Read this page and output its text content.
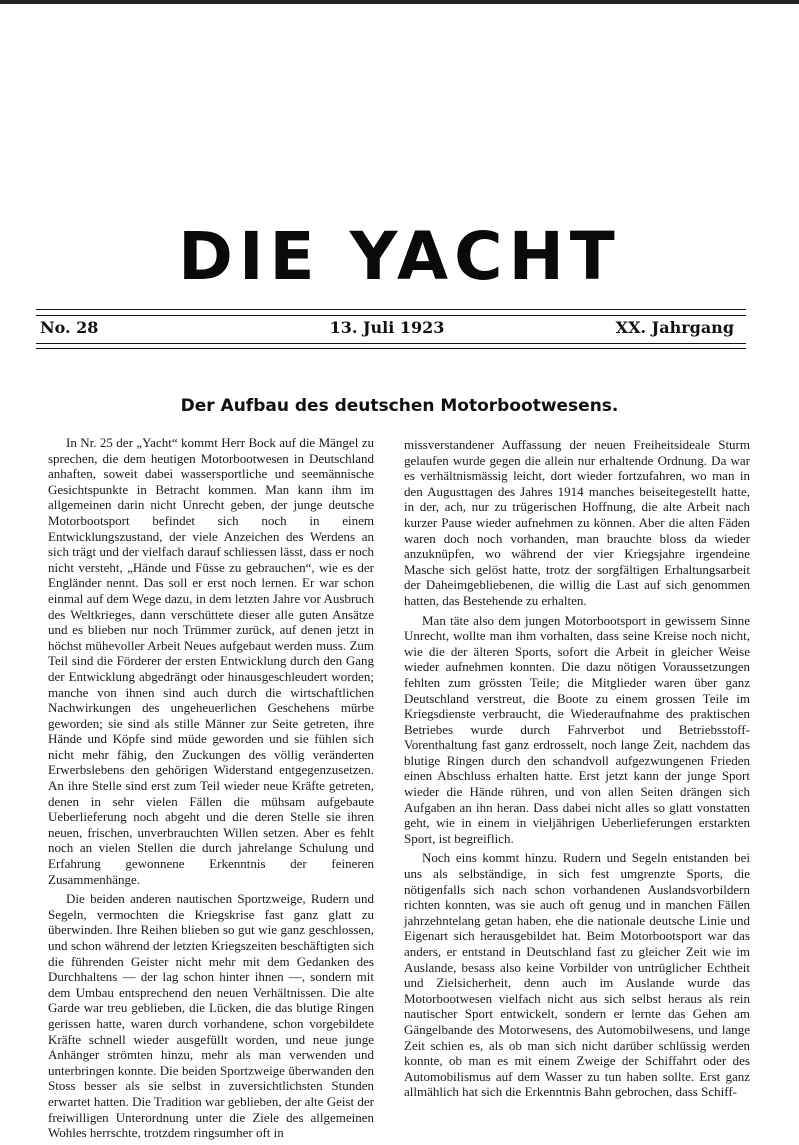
DIE YACHT
No. 28	13. Juli 1923	XX. Jahrgang
Der Aufbau des deutschen Motorbootwesens.

In Nr. 25 der „Yacht“ kommt Herr Bock auf die Mängel zu sprechen, die dem heutigen Motorbootwesen in Deutschland anhaften, soweit dabei wassersportliche und seemännische Gesichtspunkte in Betracht kommen. Man kann ihm im allgemeinen darin nicht Unrecht geben, der junge deutsche Motorbootsport befindet sich noch in einem Entwicklungszustand, der viele Anzeichen des Werdens an sich trägt und der vielfach darauf schliessen lässt, dass er noch nicht versteht, „Hände und Füsse zu gebrauchen“, wie es der Engländer nennt. Das soll er erst noch lernen. Er war schon einmal auf dem Wege dazu, in dem letzten Jahre vor Ausbruch des Weltkrieges, dann verschüttete dieser alle guten Ansätze und es blieben nur noch Trümmer zurück, auf denen jetzt in höchst mühevoller Arbeit Neues aufgebaut werden muss. Zum Teil sind die Förderer der ersten Entwicklung durch den Gang der Entwicklung abgedrängt oder hinausgeschleudert worden; manche von ihnen sind auch durch die wirtschaftlichen Nachwirkungen des ungeheuerlichen Geschehens mürbe geworden; sie sind als stille Männer zur Seite getreten, ihre Hände und Köpfe sind müde geworden und sie fühlen sich nicht mehr fähig, den Zuckungen des völlig veränderten Erwerbslebens den gehörigen Widerstand entgegenzusetzen. An ihre Stelle sind erst zum Teil wieder neue Kräfte getreten, denen in sehr vielen Fällen die mühsam aufgebaute Ueberlieferung noch abgeht und die deren Stelle sie ihren neuen, frischen, unverbrauchten Willen setzen. Aber es fehlt noch an vielen Stellen die durch jahrelange Schulung und Erfahrung gewonnene Erkenntnis der feineren Zusammenhänge.

Die beiden anderen nautischen Sportzweige, Rudern und Segeln, vermochten die Kriegskrise fast ganz glatt zu überwinden. Ihre Reihen blieben so gut wie ganz geschlossen, und schon während der letzten Kriegszeiten beschäftigten sich die führenden Geister nicht mehr mit dem Gedanken des Durchhaltens — der lag schon hinter ihnen —, sondern mit dem Umbau entsprechend den neuen Verhältnissen. Die alte Garde war treu geblieben, die Lücken, die das blutige Ringen gerissen hatte, waren durch vorhandene, schon vorgebildete Kräfte schnell wieder ausgefüllt worden, und neue junge Anhänger strömten hinzu, mehr als man verwenden und unterbringen konnte. Die beiden Sportzweige überwanden den Stoss besser als sie selbst in zuversichtlichsten Stunden erwartet hatten. Die Tradition war geblieben, der alte Geist der freiwilligen Unterordnung unter die Ziele des allgemeinen Wohles herrschte, trotzdem ringsumher oft in

missverstandener Auffassung der neuen Freiheitsideale Sturm gelaufen wurde gegen die allein nur erhaltende Ordnung. Da war es verhältnismässig leicht, dort wieder fortzufahren, wo man in den Augusttagen des Jahres 1914 manches beiseitegestellt hatte, in der, ach, nur zu trügerischen Hoffnung, die alte Arbeit nach kurzer Pause wieder aufnehmen zu können. Aber die alten Fäden waren doch noch vorhanden, man brauchte bloss da wieder anzuknüpfen, wo während der vier Kriegsjahre irgendeine Masche sich gelöst hatte, trotz der sorgfältigen Erhaltungsarbeit der Daheimgebliebenen, die willig die Last auf sich genommen hatten, das Bestehende zu erhalten.

Man täte also dem jungen Motorbootsport in gewissem Sinne Unrecht, wollte man ihm vorhalten, dass seine Kreise noch nicht, wie die der älteren Sports, sofort die Arbeit in gleicher Weise wieder aufnehmen konnten. Die dazu nötigen Voraussetzungen fehlten zum grössten Teile; die Mitglieder waren über ganz Deutschland verstreut, die Boote zu einem grossen Teile im Kriegsdienste verbraucht, die Wiederaufnahme des praktischen Betriebes wurde durch Fahrverbot und Betriebsstoff-Vorenthaltung fast ganz erdrosselt, noch lange Zeit, nachdem das blutige Ringen durch den schandvoll aufgezwungenen Frieden einen Abschluss erhalten hatte. Erst jetzt kann der junge Sport wieder die Hände rühren, und von allen Seiten drängen sich Aufgaben an ihn heran. Dass dabei nicht alles so glatt vonstatten geht, wie in einem in vieljährigen Ueberlieferungen erstarkten Sport, ist begreiflich.

Noch eins kommt hinzu. Rudern und Segeln entstanden bei uns als selbständige, in sich fest umgrenzte Sports, die nötigenfalls sich nach schon vorhandenen Auslandsvorbildern richten konnten, was sie auch oft genug und in manchen Fällen jahrzehntelang getan haben, ehe die nationale deutsche Linie und Eigenart sich herausgebildet hat. Beim Motorbootsport war das anders, er entstand in Deutschland fast zu gleicher Zeit wie im Auslande, besass also keine Vorbilder von untrüglicher Echtheit und Zielsicherheit, denn auch im Auslande wurde das Motorbootwesen vielfach nicht aus sich selbst heraus als rein nautischer Sport entwickelt, sondern er lernte das Gehen am Gängelbande des Motorwesens, des Automobilwesens, und lange Zeit schien es, als ob man sich nicht darüber schlüssig werden konnte, ob man es mit einem Zweige der Schiffahrt oder des Automobilismus auf dem Wasser zu tun haben sollte. Erst ganz allmählich hat sich die Erkenntnis Bahn gebrochen, dass Schiff-
